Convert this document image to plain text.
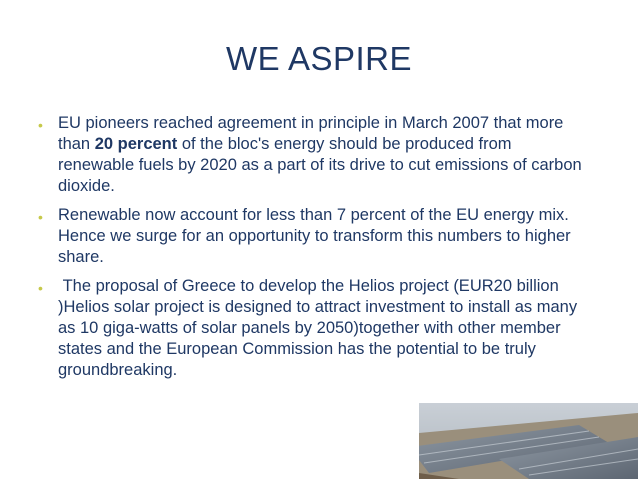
WE ASPIRE
• EU pioneers reached agreement in principle in March 2007 that more than 20 percent of the bloc's energy should be produced from renewable fuels by 2020 as a part of its drive to cut emissions of carbon dioxide.
• Renewable now account for less than 7 percent of the EU energy mix. Hence we surge for an opportunity to transform this numbers to higher share.
• The proposal of Greece to develop the Helios project (EUR20 billion )Helios solar project is designed to attract investment to install as many as 10 giga-watts of solar panels by 2050)together with other member states and the European Commission has the potential to be truly groundbreaking.
